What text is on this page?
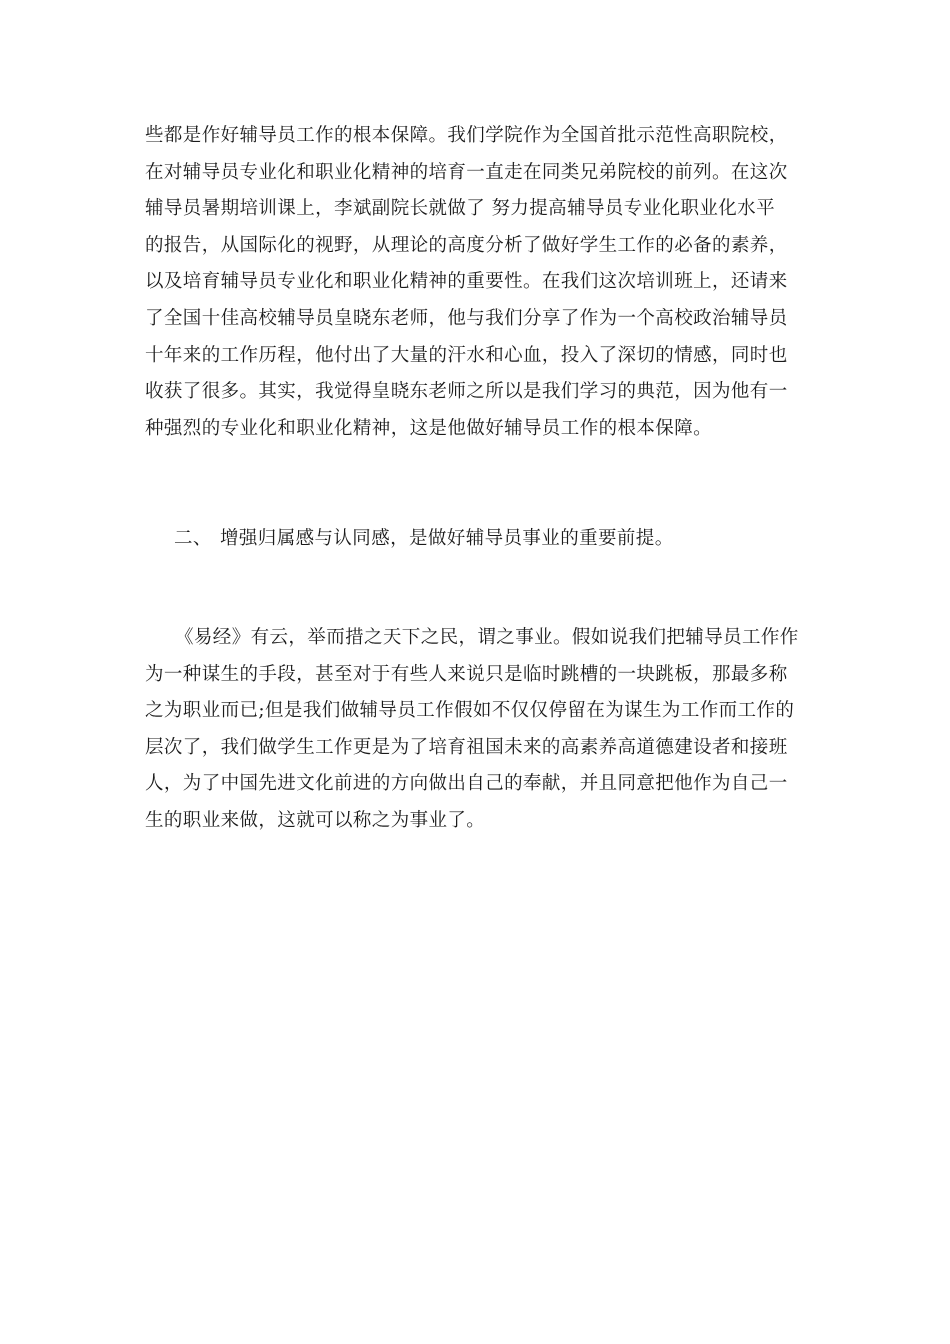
些都是作好辅导员工作的根本保障。我们学院作为全国首批示范性高职院校，
在对辅导员专业化和职业化精神的培育一直走在同类兄弟院校的前列。在这次
辅导员暑期培训课上，李斌副院长就做了 努力提高辅导员专业化职业化水平
的报告，从国际化的视野，从理论的高度分析了做好学生工作的必备的素养，
以及培育辅导员专业化和职业化精神的重要性。在我们这次培训班上，还请来
了全国十佳高校辅导员皇晓东老师，他与我们分享了作为一个高校政治辅导员
十年来的工作历程，他付出了大量的汗水和心血，投入了深切的情感，同时也
收获了很多。其实，我觉得皇晓东老师之所以是我们学习的典范，因为他有一
种强烈的专业化和职业化精神，这是他做好辅导员工作的根本保障。
二、 增强归属感与认同感，是做好辅导员事业的重要前提。
《易经》有云，举而措之天下之民，谓之事业。假如说我们把辅导员工作作
为一种谋生的手段，甚至对于有些人来说只是临时跳槽的一块跳板，那最多称
之为职业而已;但是我们做辅导员工作假如不仅仅停留在为谋生为工作而工作的
层次了，我们做学生工作更是为了培育祖国未来的高素养高道德建设者和接班
人，为了中国先进文化前进的方向做出自己的奉献，并且同意把他作为自己一
生的职业来做，这就可以称之为事业了。
